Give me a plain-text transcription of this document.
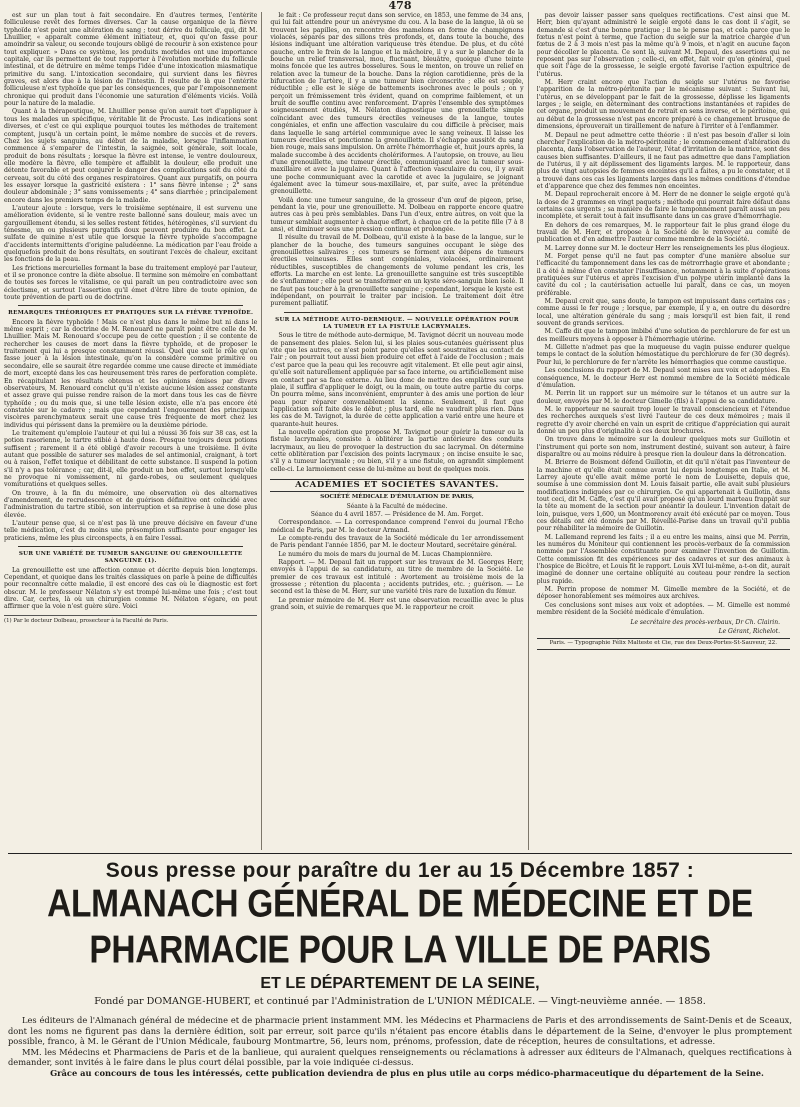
478

est sur un plan tout à fait secondaire. En d'autres termes, l'entérite folliculeuse revêt des formes diverses. Car la cause organique de la fièvre typhoïde n'est point une altération du sang ; tout dérive du follicule, qui, dit M. Lhuillier, « apparaît comme élément initiateur, et, quoi qu'on fasse pour amoindrir sa valeur, ou seconde toujours obligé de recourir à son existence pour tout expliquer. » Dans ce système, les produits morbides ont une importance capitale, car ils permettent de tout rapporter à l'évolution morbide du follicule intestinal, et de détruire en même temps l'idée d'une intoxication miasmatique primitive du sang. L'intoxication secondaire, qui survient dans les fièvres graves, est alors due à la lésion de l'intestin. Il résulte de là que l'entérite folliculeuse n'est typhoïde que par les conséquences, que par l'empoisonnement chronique qui produit dans l'économie une saturation d'éléments viciés. Voilà pour la nature de la maladie.

Quant à la thérapeutique, M. Lhuillier pense qu'on aurait tort d'appliquer à tous les malades un spécifique, véritable lit de Procuste. Les indications sont diverses, et c'est ce qui explique pourquoi toutes les méthodes de traitement comptent, jusqu'à un certain point, le même nombre de succès et de revers. Chez les sujets sanguins, au début de la maladie, lorsque l'inflammation commence à s'emparer de l'intestin, la saignée, soit générale, soit locale, produit de bons résultats ; lorsque la fièvre est intense, le ventre douloureux, elle modère la fièvre, elle tempère et affaiblit la douleur, elle produit une détente favorable et peut conjurer le danger des complications soit du côté du cerveau, soit du côté des organes respiratoires. Quant aux purgatifs, on pourra les essayer lorsque la gastricité existera : 1° sans fièvre intense ; 2° sans douleur abdominale ; 3° sans vomissements ; 4° sans diarrhée ; principalement encore dans les premiers temps de la maladie.

L'auteur ajoute : lorsque, vers le troisième septénaire, il est survenu une amélioration évidente, si le ventre reste ballonné sans douleur, mais avec un gargouillement étendu, si les selles restent fétides, hétérogènes, s'il survient du ténesme, un ou plusieurs purgatifs doux peuvent produire du bon effet. Le sulfate de quinine n'est utile que lorsque la fièvre typhoïde s'accompagne d'accidents intermittents d'origine paludéenne. La médication par l'eau froide a quelquefois produit de bons résultats, en soutirant l'excès de chaleur, excitant les fonctions de la peau.

Les frictions mercurielles formant la base du traitement employé par l'auteur, et il se prononce contre la diète absolue. Il termine son mémoire en combattant de toutes ses forces le vitalisme, ce qui paraît un peu contradictoire avec son éclectisme, et surtout l'assertion qu'il émet d'être libre de toute opinion, de toute prévention de parti ou de doctrine.

REMARQUES THÉORIQUES ET PRATIQUES SUR LA FIÈVRE TYPHOÏDE.

Encore la fièvre typhoïde ! Mais ce n'est plus dans le même but ni dans le même esprit ; car la doctrine de M. Renouard ne paraît point être celle de M. Lhuillier. Mais M. Renouard s'occupe peu de cette question ; il se contente de rechercher les causes de mort dans la fièvre typhoïde, et de proposer le traitement qui lui a presque constamment réussi. Quel que soit le rôle qu'on fasse jouer à la lésion intestinale, qu'on la considère comme primitive ou secondaire, elle se saurait être regardée comme une cause directe et immédiate de mort, excepté dans les cas heureusement très rares de perforation complète. En récapitulant les résultats obtenus et les opinions émises par divers observateurs, M. Renouard conclut qu'il n'existe aucune lésion assez constante et assez grave qui puisse rendre raison de la mort dans tous les cas de fièvre typhoïde ; ou du mois que, si une telle lésion existe, elle n'a pas encore été constatée sur le cadavre ; mais que cependant l'engouement des principaux viscères parenchymateux serait une cause très fréquente de mort chez les individus qui périssent dans la première ou la deuxième période.

Le traitement qu'emploie l'auteur et qui lui a réussi 36 fois sur 38 cas, est la potion rasorienne, le tartre stibié à haute dose. Presque toujours deux potions suffisent ; rarement il a été obligé d'avoir recours à une troisième. Il évite autant que possible de saturer ses malades de sel antimonial, craignant, à tort ou à raison, l'effet toxique et débilitant de cette substance. Il suspend la potion s'il n'y a pas tolérance ; car, dit-il, elle produit un bon effet, surtout lorsqu'elle ne provoque ni vomissement, ni garde-robes, ou seulement quelques vomiturations et quelques selles.

On trouve, à la fin du mémoire, une observation où des alternatives d'amendement, de recrudescence et de guérison définitive ont coïncidé avec l'administration du tartre stibié, son interruption et sa reprise à une dose plus élevée.

L'auteur pense que, si ce n'est pas là une preuve décisive en faveur d'une telle médication, c'est du moins une présomption suffisante pour engager les praticiens, même les plus circonspects, à en faire l'essai.

SUR UNE VARIÉTÉ DE TUMEUR SANGUINE OU GRENOUILLETTE SANGUINE (1).

La grenouillette est une affection connue et décrite depuis bien longtemps. Cependant, et quoique dans les traités classiques on parle à peine de difficultés pour reconnaître cette maladie, il est encore des cas où le diagnostic est fort obscur. M. le professeur Nélaton s'y est trompé lui-même une fois ; c'est tout dire. Car, certes, là où un chirurgien comme M. Nélaton s'égare, on peut affirmer que la voie n'est guère sûre. Voici

(1) Par le docteur Dolbeau, prosecteur à la Faculté de Paris.

le fait : Ce professeur reçut dans son service, en 1853, une femme de 34 ans, qui lui fait attendre pour un anévrysme du cou. A la base de la langue, là où se trouvent les papilles, on rencontre des mamelons en forme de champignons violacés, séparés par des sillons très profonds, et, dans toute la bouche, des lésions indiquant une altération variqueuse très étendue. De plus, et du côté gauche, entre le frein de la langue et la mâchoire, il y a sur le plancher de la bouche un relief transversal, mou, fluctuant, bleuâtre, quoique d'une teinte moins foncée que les autres bosselures. Sous le menton, on trouve un relief en relation avec la tumeur de la bouche. Dans la région carotidienne, près de la bifurcation de l'artère, il y a une tumeur bien circonscrite ; elle est souple, réductible ; elle est le siège de battements isochrones avec le pouls ; on y perçoit un frémissement très évident, quand on comprime faiblement, et un bruit de souffle continu avec renforcement. D'après l'ensemble des symptômes soigneusement étudiés, M. Nélaton diagnostique une grenouillette simple coïncidant avec des tumeurs érectiles veineuses de la langue, toutes congéniales, et enfin une affection vasculaire du cou difficile à préciser, mais dans laquelle le sang artériel communique avec le sang veineux. Il laisse les tumeurs érectiles et ponctionne la grenouillette. Il s'échappe aussitôt du sang bien rouge, mais sans impulsion. On arrête l'hémorrhagie et, huit jours après, la malade succombe à des accidents cholériformes. A l'autopsie, on trouve, au lieu d'une grenouillette, une tumeur érectile, communiquant avec la tumeur sous-maxillaire et avec la jugulaire. Quant à l'affection vasculaire du cou, il y avait une poche communiquant avec la carotide et avec la jugulaire, se joignant également avec la tumeur sous-maxillaire, et, par suite, avec la prétendue grenouillette.

Voilà donc une tumeur sanguine, de la grosseur d'un œuf de pigeon, prise, pendant la vie, pour une grenouillette. M. Dolbeau en rapporte encore quatre autres cas à peu près semblables. Dans l'un d'eux, entre autres, on voit que la tumeur semblait augmenter à chaque effort, à chaque cri de la petite fille (7 à 8 ans), et diminuer sous une pression continue et prolongée.

Il résulte du travail de M. Dolbeau, qu'il existe à la base de la langue, sur le plancher de la bouche, des tumeurs sanguines occupant le siège des grenouillettes salivaires ; ces tumeurs se forment aux dépens de tumeurs érectiles veineuses. Elles sont congéniales, violacées, ordinairement réductibles, susceptibles de changements de volume pendant les cris, les efforts. La marche en est lente. La grenouillette sanguine est très susceptible de s'enflammer ; elle peut se transformer en un kyste séro-sanguin bien isolé. Il ne faut pas toucher à la grenouillette sanguine ; cependant, lorsque le kyste est indépendant, on pourrait le traiter par incision. Le traitement doit être purement palliatif.

SUR LA MÉTHODE AUTO-DERMIQUE. — NOUVELLE OPÉRATION POUR LA TUMEUR ET LA FISTULE LACRYMALES.

Sous le titre de méthode auto-dermique, M. Tavignot décrit un nouveau mode de pansement des plaies. Selon lui, si les plaies sous-cutanées guérissent plus vite que les autres, ce n'est point parce qu'elles sont soustraites au contact de l'air ; on pourrait tout aussi bien produire cet effet à l'aide de l'occlusion ; mais c'est parce que la peau qui les recouvre agit vitalement. Et elle peut agir ainsi, qu'elle soit naturellement appliquée par sa face interne, ou artificiellement mise en contact par sa face externe. Au lieu donc de mettre des emplâtres sur une plaie, il suffira d'appliquer le doigt, ou la main, ou toute autre partie du corps. On pourra même, sans inconvénient, emprunter à des amis une portion de leur peau pour réparer convenablement la sienne. Seulement, il faut que l'application soit faite dès le début ; plus tard, elle ne vaudrait plus rien. Dans les cas de M. Tavignot, la durée de cette application a varié entre une heure et quarante-huit heures.

La nouvelle opération que propose M. Tavignot pour guérir la tumeur ou la fistule lacrymales, consiste à oblitérer la partie antérieure des conduits lacrymaux, au lieu de provoquer la destruction du sac lacrymal. On détermine cette oblitération par l'excision des points lacrymaux ; on incise ensuite le sac, s'il y a tumeur lacrymale ; ou bien, s'il y a une fistule, on agrandit simplement celle-ci. Le larmoiement cesse de lui-même au bout de quelques mois.

ACADÉMIES ET SOCIÉTÉS SAVANTES.
SOCIÉTÉ MÉDICALE D'ÉMULATION DE PARIS,
Séante à la Faculté de médecine.
Séance du 4 avril 1857. — Présidence de M. Am. Forget.

Correspondance. — La correspondance comprend l'envoi du journal l'Écho médical de Paris, par M. le docteur Armand.

Le compte-rendu des travaux de la Société médicale du 1er arrondissement de Paris pendant l'année 1856, par M. le docteur Moutard, secrétaire général.

Le numéro du mois de mars du journal de M. Lucas Championnière.

Rapport. — M. Depaul fait un rapport sur les travaux de M. Georges Herr, envoyés à l'appui de sa candidature, au titre de membre de la Société. Le premier de ces travaux est intitulé : Avortement au troisième mois de la grossesse ; rétention du placenta ; accidents putrides, etc. ; guérison. — Le second est la thèse de M. Herr, sur une variété très rare de luxation du fémur.

Le premier mémoire de M. Herr est une observation recueillie avec le plus grand soin, et suivie de remarques que M. le rapporteur ne croit

pas devoir laisser passer sans quelques rectifications. C'est ainsi que M. Herr, bien qu'ayant administré le seigle ergoté dans le cas dont il s'agit, se demande si c'est d'une bonne pratique ; il ne le pense pas, et cela parce que le fœtus n'est point à terme, que l'action du seigle sur la matrice chargée d'un fœtus de 2 à 3 mois n'est pas la même qu'à 9 mois, et n'agit en aucune façon pour décoller le placenta. Ce sont là, suivant M. Depaul, des assertions qui ne reposent pas sur l'observation ; celle-ci, en effet, fait voir qu'en général, quel que soit l'âge de la grossesse, le seigle ergoté favorise l'action expultrice de l'utérus.

M. Herr craint encore que l'action du seigle sur l'utérus ne favorise l'apparition de la métro-péritonite par le mécanisme suivant : Suivant lui, l'utérus, en se développant par le fait de la grossesse, déplisse les ligaments larges ; le seigle, en déterminant des contractions instantanées et rapides de cet organe, produit un mouvement de retrait en sens inverse, et le péritoine, qui au début de la grossesse n'est pas encore préparé à ce changement brusque de dimensions, éprouverait un tiraillement de nature à l'irriter et à l'enflammer.

M. Depaul ne peut admettre cette théorie : il n'est pas besoin d'aller si loin chercher l'explication de la métro-péritonite ; le commencement d'altération du placenta, dans l'observation de l'auteur, l'état d'irritation de la matrice, sont des causes bien suffisantes. D'ailleurs, il ne faut pas admettre que dans l'ampliation de l'utérus, il y ait déplissement des ligaments larges. M. le rapporteur, dans plus de vingt autopsies de femmes enceintes qu'il a faites, a pu le constater, et il a trouvé dans ces cas les ligaments larges dans les mêmes conditions d'étendue et d'apparence que chez des femmes non enceintes.

M. Depaul reprocherait encore à M. Herr de ne donner le seigle ergoté qu'à la dose de 2 grammes en vingt paquets ; méthode qui pourrait faire défaut dans certains cas urgents ; sa manière de faire le tamponnement paraît aussi un peu incomplète, et serait tout à fait insuffisante dans un cas grave d'hémorrhagie.

En dehors de ces remarques, M. le rapporteur fait le plus grand éloge du travail de M. Herr, et propose à la Société de le renvoyer au comité de publication et d'en admettre l'auteur comme membre de la Société.

M. Larrey donne sur M. le docteur Herr les renseignements les plus élogieux.

M. Forget pense qu'il ne faut pas compter d'une manière absolue sur l'efficacité du tamponnement dans les cas de métrorrhagie grave et abondante ; il a été à même d'en constater l'insuffisance, notamment à la suite d'opérations pratiquées sur l'utérus et après l'excision d'un polype utérin implanté dans la cavité du col ; la cautérisation actuelle lui paraît, dans ce cas, un moyen préférable.

M. Depaul croit que, sans doute, le tampon est impuissant dans certains cas ; comme aussi le fer rouge ; lorsque, par exemple, il y a, en outre du désordre local, une altération générale du sang ; mais lorsqu'il est bien fait, il rend souvent de grands services.

M. Caffe dit que le tampon imbibé d'une solution de perchlorure de fer est un des meilleurs moyens à opposer à l'hémorrhagie utérine.

M. Gillette n'admet pas que la muqueuse du vagin puisse endurer quelque temps le contact de la solution hémostatique du perchlorure de fer (30 degrés). Pour lui, le perchlorure de fer n'arrête les hémorrhagies que comme caustique.

Les conclusions du rapport de M. Depaul sont mises aux voix et adoptées. En conséquence, M. le docteur Herr est nommé membre de la Société médicale d'émulation.

M. Perrin lit un rapport sur un mémoire sur le tétanos et un autre sur la douleur, envoyés par M. le docteur Gimelle (fils) à l'appui de sa candidature.

M. le rapporteur ne saurait trop louer le travail consciencieux et l'étendue des recherches auxquels s'est livré l'auteur de ces deux mémoires ; mais il regrette d'y avoir cherché en vain un esprit de critique d'appréciation qui aurait donné un peu plus d'originalité à ces deux brochures.

On trouve dans le mémoire sur la douleur quelques mots sur Guillotin et l'instrument qui porte son nom, instrument destiné, suivant son auteur, à faire disparaître ou au moins réduire à presque rien la douleur dans la détroncation.

M. Brierre de Boismont défend Guillotin, et dit qu'il n'était pas l'inventeur de la machine et qu'elle était connue avant lui depuis longtemps en Italie, et M. Larrey ajoute qu'elle avait même porté le nom de Louisette, depuis que, soumise à une commission dont M. Louis faisait partie, elle avait subi plusieurs modifications indiquées par ce chirurgien. Ce qui appartenait à Guillotin, dans tout ceci, dit M. Caffe, c'est qu'il avait proposé qu'un lourd marteau frappât sur la tête au moment de la section pour anéantir la douleur. L'invention datait de loin, puisque, vers 1,600, un Montmorency avait été exécuté par ce moyen. Tous ces détails ont été donnés par M. Réveillé-Parise dans un travail qu'il publia pour réhabiliter la mémoire de Guillotin.

M. Lallemand reprend les faits ; il a eu entre les mains, ainsi que M. Perrin, les numéros du Moniteur qui contiennent les procès-verbaux de la commission nommée par l'Assemblée constituante pour examiner l'invention de Guillotin. Cette commission fit des expériences sur des cadavres et sur des animaux à l'hospice de Bicêtre, et Louis fit le rapport. Louis XVI lui-même, a-t-on dit, aurait imaginé de donner une certaine obliquité au couteau pour rendre la section plus rapide.

M. Perrin propose de nommer M. Gimelle membre de la Société, et de déposer honorablement ses mémoires aux archives.

Ces conclusions sont mises aux voix et adoptées. — M. Gimelle est nommé membre résident de la Société médicale d'émulation.

Le secrétaire des procès-verbaux, Dr Ch. Clairin.
Le Gérant, Richelot.
Paris. — Typographie Félix Malteste et Cie, rue des Deux-Portes-St-Sauveur, 22.
Sous presse pour paraître du 1er au 15 Décembre 1857 :
ALMANACH GÉNÉRAL DE MÉDECINE ET DE PHARMACIE POUR LA VILLE DE PARIS
ET LE DÉPARTEMENT DE LA SEINE,
Fondé par DOMANGE-HUBERT, et continué par l'Administration de L'UNION MÉDICALE. — Vingt-neuvième année. — 1858.

Les éditeurs de l'Almanach général de médecine et de pharmacie prient instamment MM. les Médecins et Pharmaciens de Paris et des arrondissements de Saint-Denis et de Sceaux, dont les noms ne figurent pas dans la dernière édition, soit par erreur, soit parce qu'ils n'étaient pas encore établis dans le département de la Seine, d'envoyer le plus promptement possible, franco, à M. le Gérant de l'Union Médicale, faubourg Montmartre, 56, leurs nom, prénoms, profession, date de réception, heures de consultations, et adresse.

MM. les Médecins et Pharmaciens de Paris et de la banlieue, qui auraient quelques renseignements ou réclamations à adresser aux éditeurs de l'Almanach, quelques rectifications à demander, sont invités à le faire dans le plus court délai possible, par la voie indiquée ci-dessus.

Grâce au concours de tous les intéressés, cette publication deviendra de plus en plus utile au corps médico-pharmaceutique du département de la Seine.
